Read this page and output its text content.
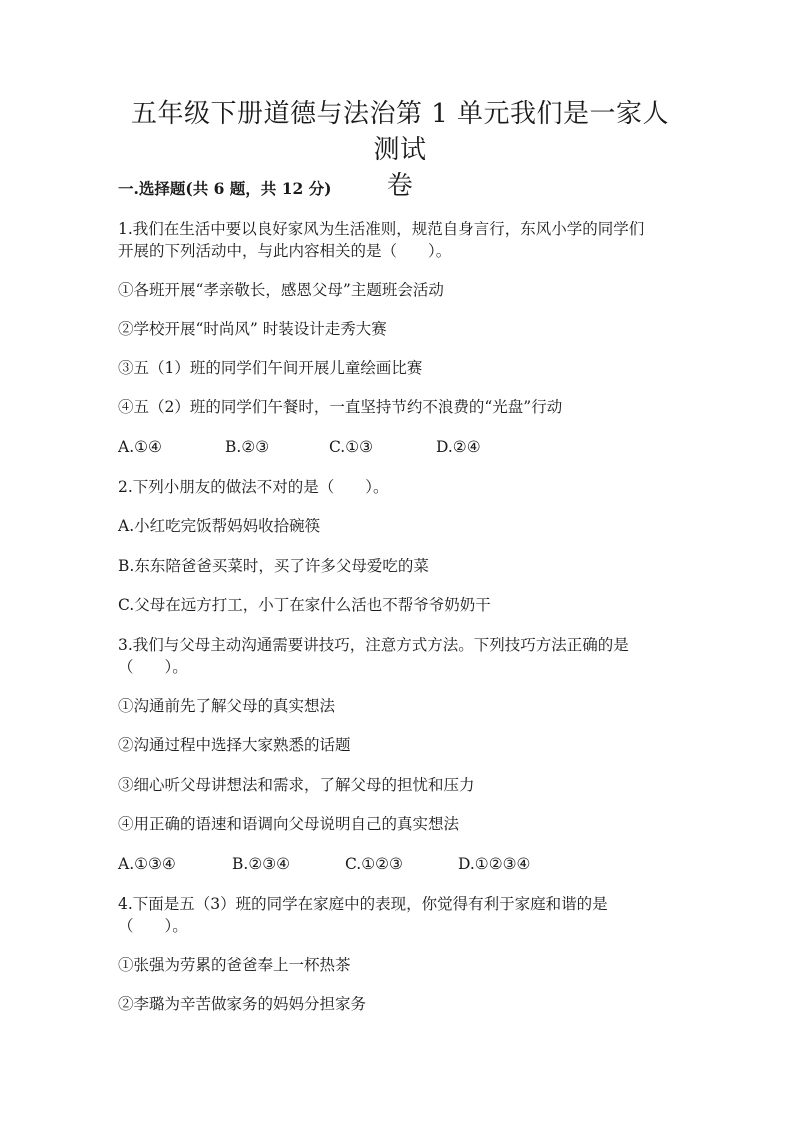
五年级下册道德与法治第 1 单元我们是一家人测试
卷

一.选择题(共 6 题，共 12 分)

1.我们在生活中要以良好家风为生活准则，规范自身言行，东风小学的同学们

开展的下列活动中，与此内容相关的是（　　）。

①各班开展“孝亲敬长，感恩父母”主题班会活动

②学校开展“时尚风” 时装设计走秀大赛

③五（1）班的同学们午间开展儿童绘画比赛

④五（2）班的同学们午餐时，一直坚持节约不浪费的“光盘”行动

A.①④	B.②③	C.①③	D.②④

2.下列小朋友的做法不对的是（　　）。

A.小红吃完饭帮妈妈收拾碗筷

B.东东陪爸爸买菜时，买了许多父母爱吃的菜

C.父母在远方打工，小丁在家什么活也不帮爷爷奶奶干

3.我们与父母主动沟通需要讲技巧，注意方式方法。下列技巧方法正确的是

（　　）。

①沟通前先了解父母的真实想法

②沟通过程中选择大家熟悉的话题

③细心听父母讲想法和需求，了解父母的担忧和压力

④用正确的语速和语调向父母说明自己的真实想法

A.①③④	B.②③④	C.①②③	D.①②③④

4.下面是五（3）班的同学在家庭中的表现，你觉得有利于家庭和谐的是

（　　）。

①张强为劳累的爸爸奉上一杯热茶

②李璐为辛苦做家务的妈妈分担家务
